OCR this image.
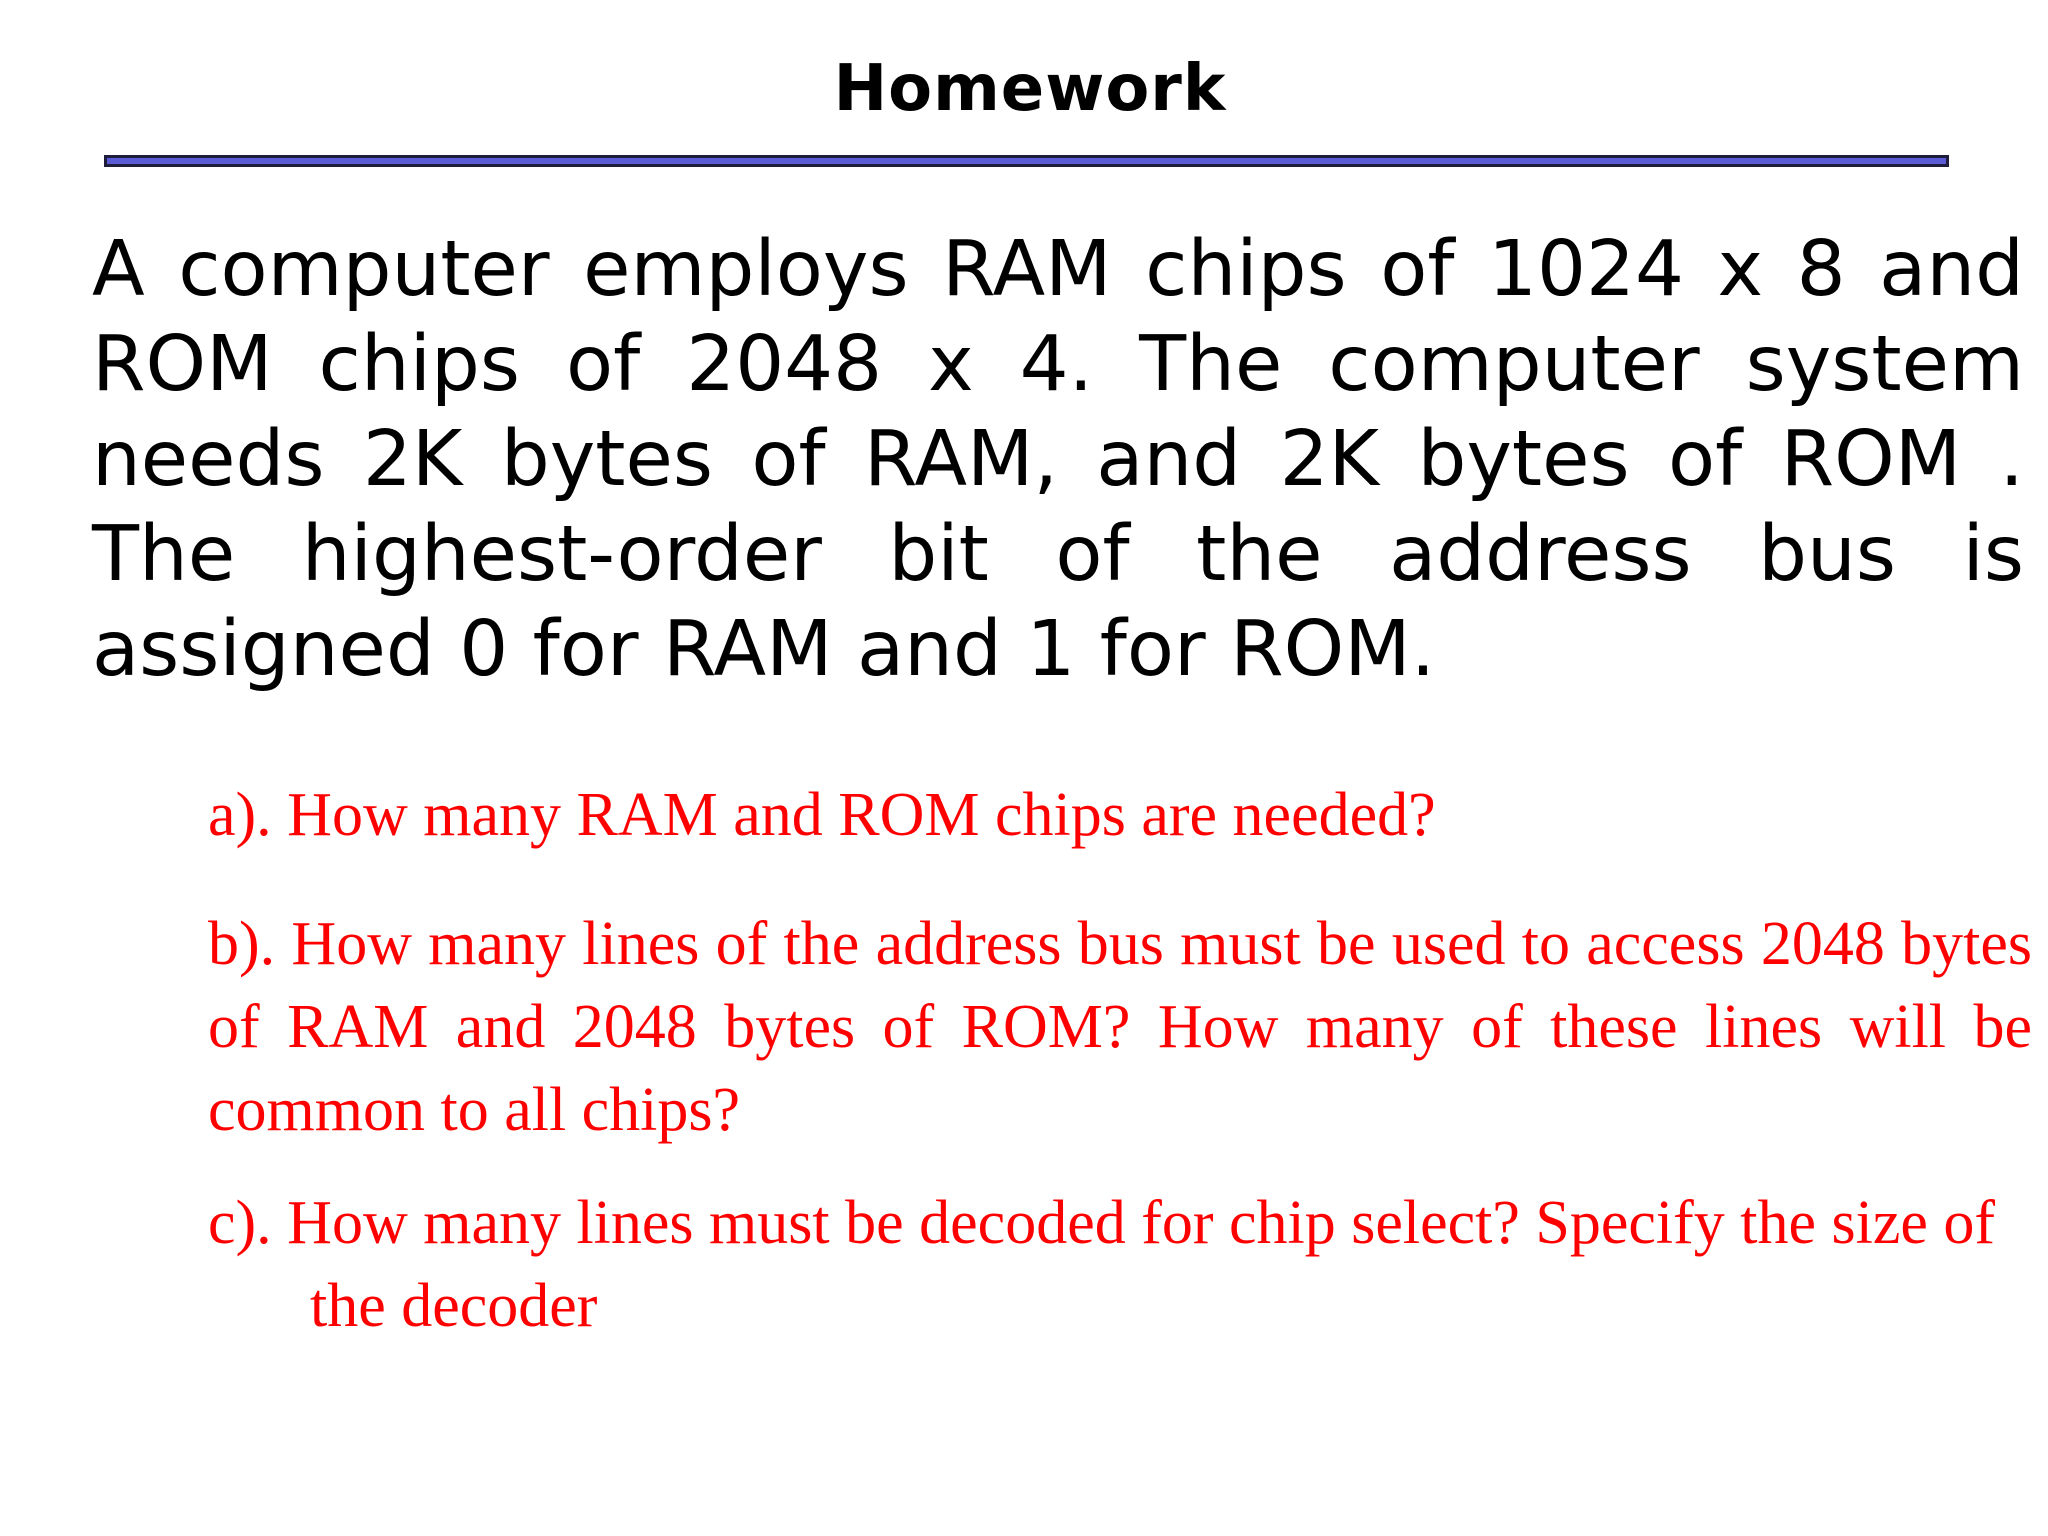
Homework

A computer employs RAM chips of 1024 x 8 and ROM chips of 2048 x 4. The computer system needs 2K bytes of RAM, and 2K bytes of ROM . The highest-order bit of the address bus is assigned 0 for RAM and 1 for ROM.

a). How many RAM and ROM chips are needed?

b). How many lines of the address bus must be used to access 2048 bytes of RAM and 2048 bytes of ROM? How many of these lines will be common to all chips?

c). How many lines must be decoded for chip select? Specify the size of the decoder
